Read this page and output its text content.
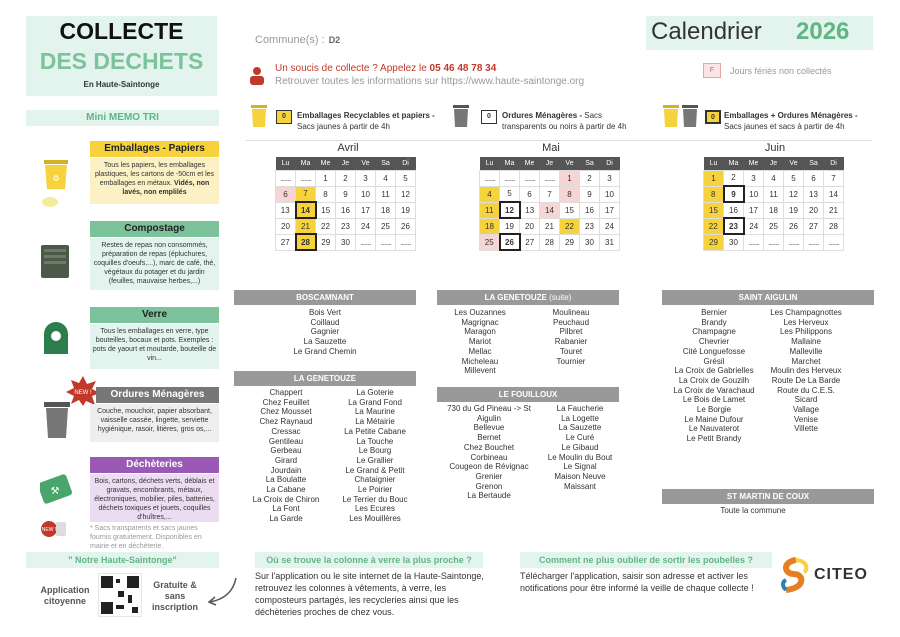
COLLECTE
DES DECHETS
En Haute-Saintonge
Calendrier 2026
Commune(s) : D2
Un soucis de collecte ? Appelez le 05 46 48 78 34
Retrouver toutes les informations sur https://www.haute-saintonge.org
F	Jours fériés non collectés
Mini MEMO TRI
♻
Emballages - Papiers
Tous les papiers, les emballages plastiques, les cartons de -50cm et les emballages en métaux. Vidés, non lavés, non emplilés
Compostage
Restes de repas non consommés, préparation de repas (épluchures, coquilles d'oeufs,...), marc de café, thé, végétaux du potager et du jardin (feuilles, mauvaise herbes,...)
Verre
Tous les emballages en verre, type bouteilles, bocaux et pots. Exemples : pots de yaourt et moutarde, bouteille de vin...
NEW !	Ordures Ménagères
Couche, mouchoir, papier absorbant, vaisselle cassée, lingette, serviette hygiénique, rasoir, litières, gros os,...
⚒
NEW !
Déchèteries
Bois, cartons, déchets verts, déblais et gravats, encombrants, métaux, électroniques, mobilier, piles, batteries, déchets toxiques et jouets, coquilles d'huîtres,...
* Sacs transparents et sacs jaunes fournis gratuitement. Disponibles en mairie et en déchèterie.
0	Emballages Recyclables et papiers -
Sacs jaunes à partir de 4h
0	Ordures Ménagères - Sacs transparents ou noirs à partir de 4h
0	Emballages + Ordures Ménagères -
Sacs jaunes et sacs à partir de 4h
Avril	Mai	Juin
Lu	Ma	Me	Je	Ve	Sa	Di
		1	2	3	4	5
6	7	8	9	10	11	12
13	14	15	16	17	18	19
20	21	22	23	24	25	26
27	28	29	30			
Lu	Ma	Me	Je	Ve	Sa	Di
				1	2	3
4	5	6	7	8	9	10
11	12	13	14	15	16	17
18	19	20	21	22	23	24
25	26	27	28	29	30	31
Lu	Ma	Me	Je	Ve	Sa	Di
1	2	3	4	5	6	7
8	9	10	11	12	13	14
15	16	17	18	19	20	21
22	23	24	25	26	27	28
29	30					
BOSCAMNANT
Bois Vert
Coillaud
Gagnier
La Sauzette
Le Grand Chemin
LA GENETOUZE
Chappert
Chez Feuillet
Chez Mousset
Chez Raynaud
Cressac
Gentileau
Gerbeau
Girard
Jourdain
La Boulatte
La Cabane
La Croix de Chiron
La Font
La Garde
La Goterie
La Grand Fond
La Maurine
La Métairie
La Petite Cabane
La Touche
Le Bourg
Le Grallier
Le Grand & Petit
Chataignier
Le Poirier
Le Terrier du Bouc
Les Ecures
Les Mouillères
LA GENETOUZE (suite)
Les Ouzannes
Magrignac
Maragon
Mariot
Mellac
Micheleau
Millevent
Moulineau
Peuchaud
Pilbret
Rabanier
Touret
Tournier
LE FOUILLOUX
730 du Gd Pineau -> St
Aigulin
Bellevue
Bernet
Chez Bouchet
Corbineau
Cougeon de Révignac
Grenier
Grenon
La Bertaude
La Faucherie
La Logette
La Sauzette
Le Curé
Le Gibaud
Le Moulin du Bout
Le Signal
Maison Neuve
Maissant
SAINT AIGULIN
Bernier
Brandy
Champagne
Chevrier
Cité Longuefosse
Grésil
La Croix de Gabrielles
La Croix de Gouzilh
La Croix de Varachaud
Le Bois de Lamet
Le Borgie
Le Maine Dufour
Le Nauvaterot
Le Petit Brandy
Les Champagnottes
Les Herveux
Les Philippons
Mallaine
Malleville
Marchet
Moulin des Herveux
Route De La Barde
Route du C.E.S.
Sicard
Vallage
Venise
Villette
ST MARTIN DE COUX
Toute la commune
" Notre Haute-Saintonge"
Application citoyenne
Gratuite & sans inscription
Où se trouve la colonne à verre la plus proche ?
Sur l'application ou le site internet de la Haute-Saintonge, retrouvez les colonnes à vêtements, à verre, les composteurs partagés, les recycleries ainsi que les déchèteries proches de chez vous.
Comment ne plus oublier de sortir les poubelles ?
Télécharger l'application, saisir son adresse et activer les notifications pour être informé la veille de chaque collecte !
CITEO
